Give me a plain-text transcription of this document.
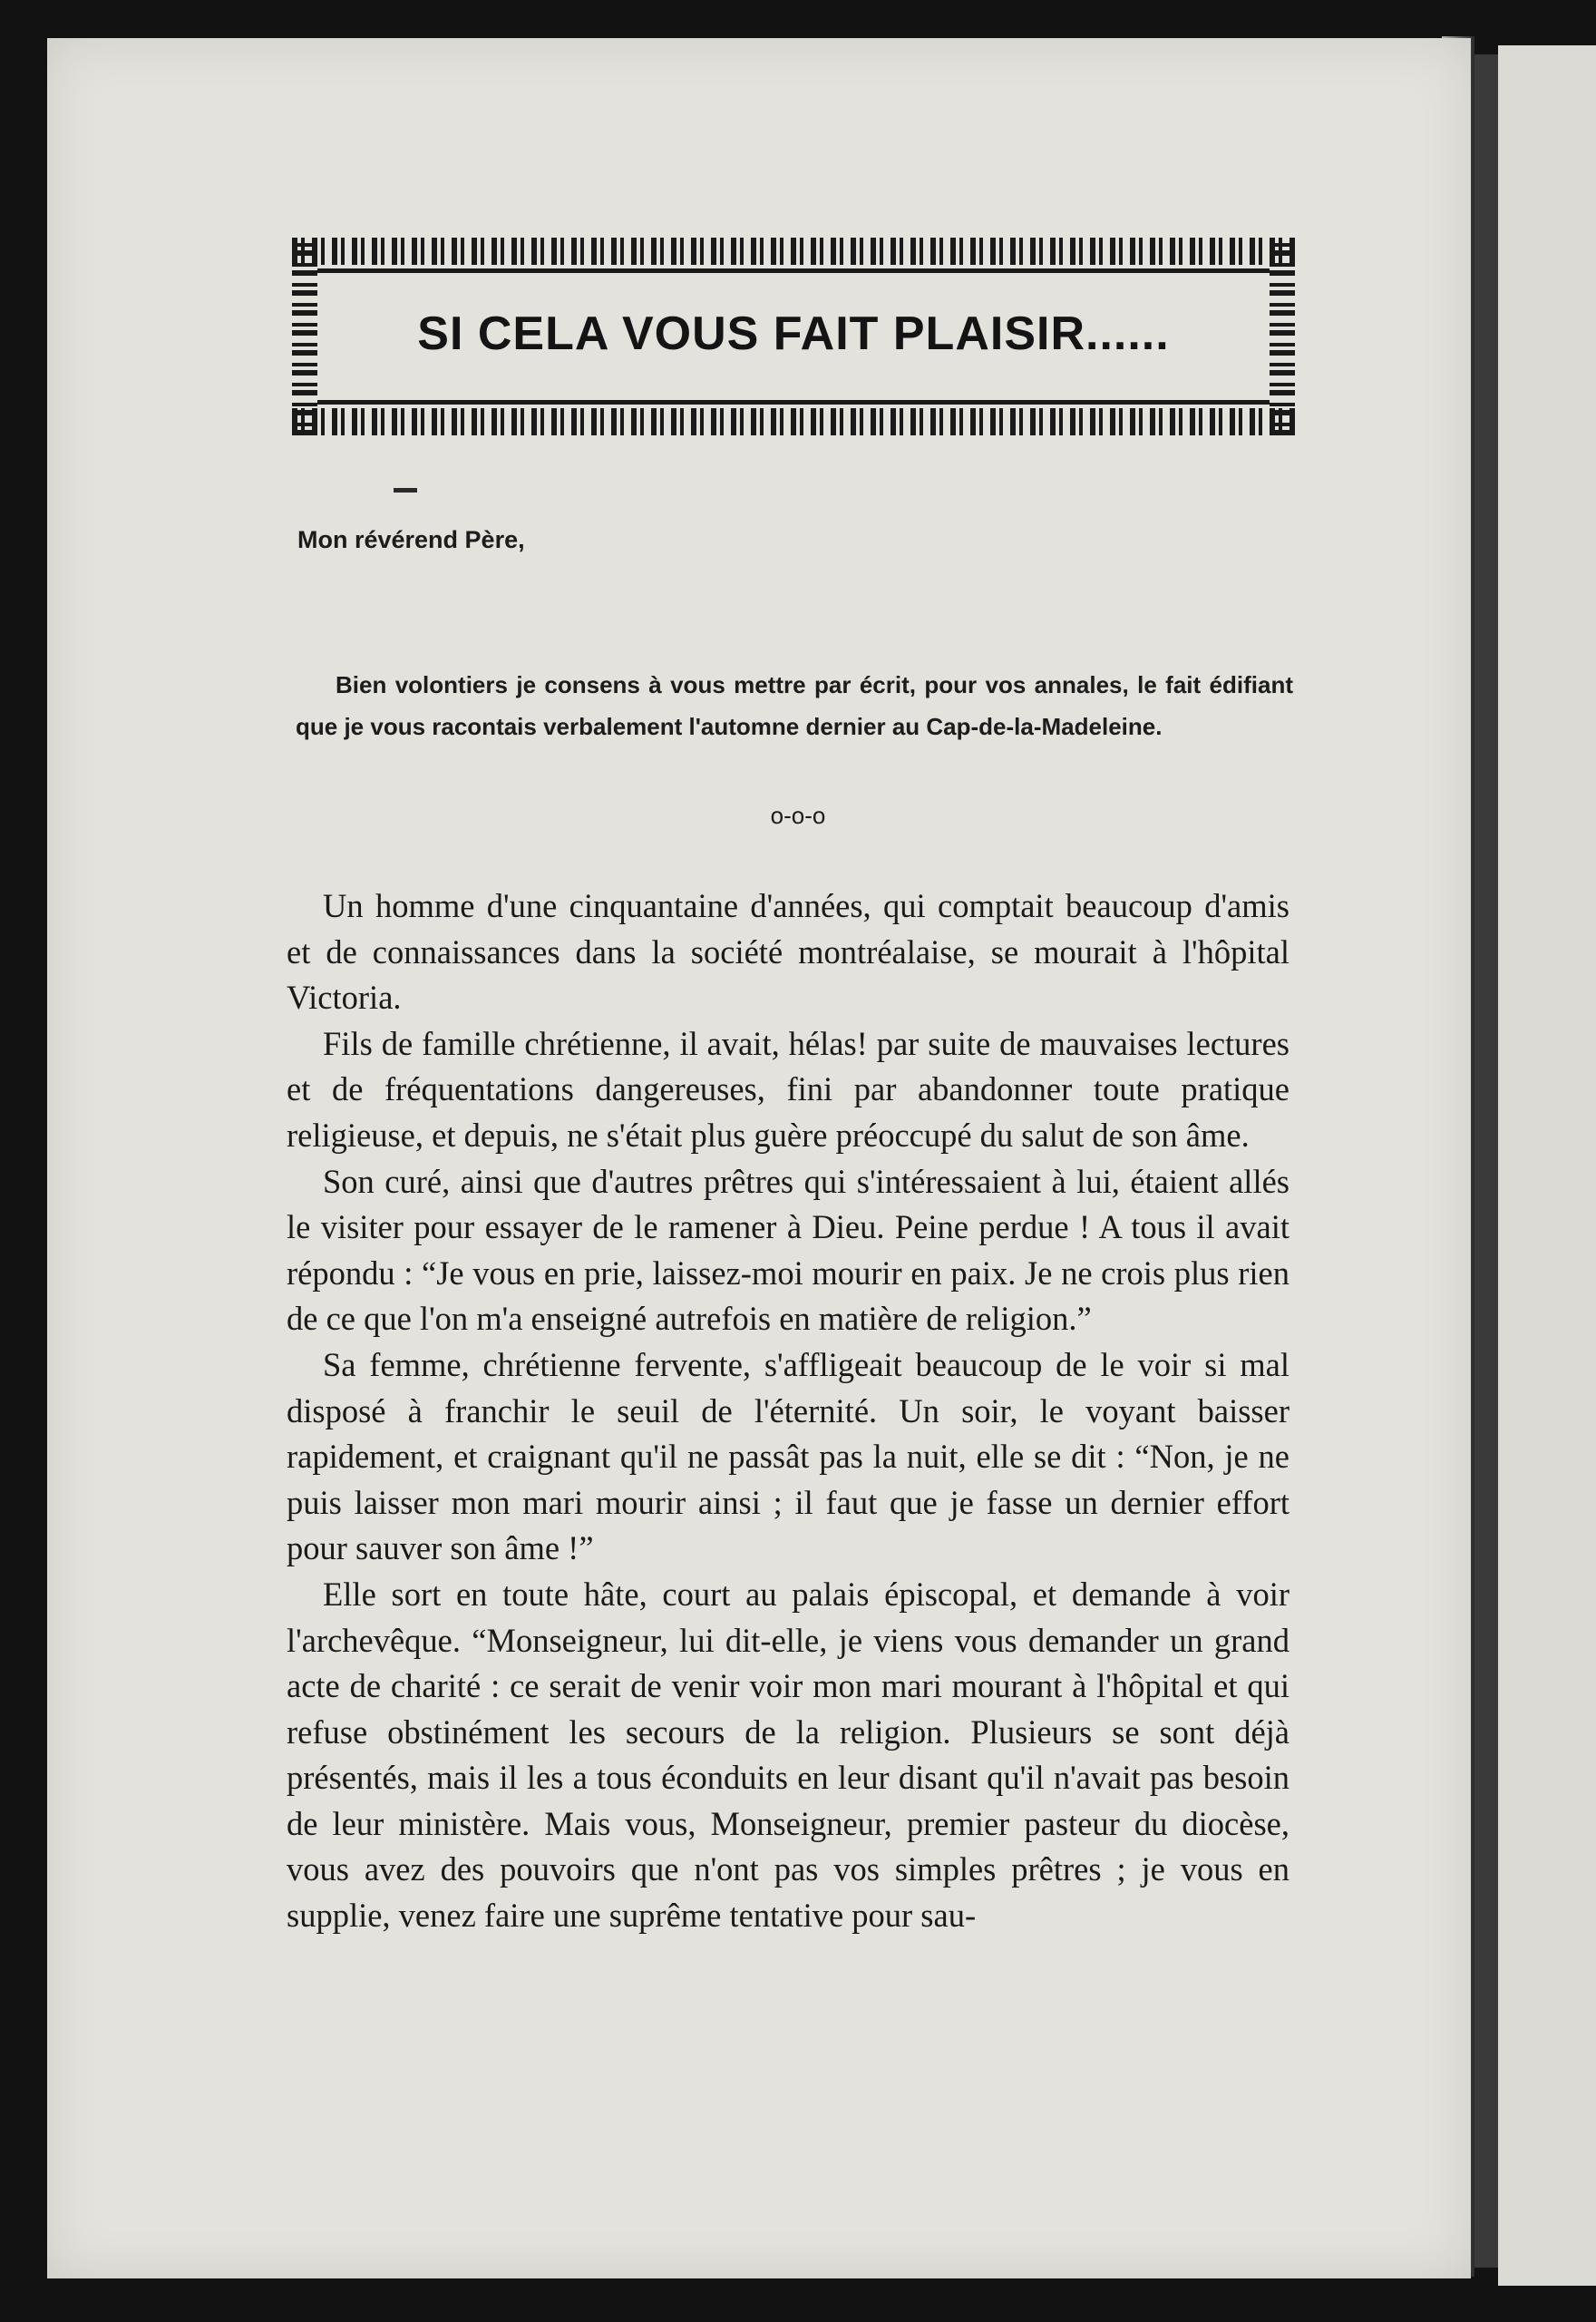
SI CELA VOUS FAIT PLAISIR......
Mon révérend Père,
Bien volontiers je consens à vous mettre par écrit, pour vos annales, le fait édifiant que je vous racontais verbalement l'automne dernier au Cap-de-la-Madeleine.
o-o-o

Un homme d'une cinquantaine d'années, qui comptait beaucoup d'amis et de connaissances dans la société montréalaise, se mourait à l'hôpital Victoria.

Fils de famille chrétienne, il avait, hélas! par suite de mauvaises lectures et de fréquentations dangereuses, fini par abandonner toute pratique religieuse, et depuis, ne s'était plus guère préoccupé du salut de son âme.

Son curé, ainsi que d'autres prêtres qui s'intéressaient à lui, étaient allés le visiter pour essayer de le ramener à Dieu. Peine perdue ! A tous il avait répondu : “Je vous en prie, laissez-moi mourir en paix. Je ne crois plus rien de ce que l'on m'a enseigné autrefois en matière de religion.”

Sa femme, chrétienne fervente, s'affligeait beaucoup de le voir si mal disposé à franchir le seuil de l'éternité. Un soir, le voyant baisser rapidement, et craignant qu'il ne passât pas la nuit, elle se dit : “Non, je ne puis laisser mon mari mourir ainsi ; il faut que je fasse un dernier effort pour sauver son âme !”

Elle sort en toute hâte, court au palais épiscopal, et demande à voir l'archevêque. “Monseigneur, lui dit-elle, je viens vous demander un grand acte de charité : ce serait de venir voir mon mari mourant à l'hôpital et qui refuse obstinément les secours de la religion. Plusieurs se sont déjà présentés, mais il les a tous éconduits en leur disant qu'il n'avait pas besoin de leur ministère. Mais vous, Monseigneur, premier pasteur du diocèse, vous avez des pouvoirs que n'ont pas vos simples prêtres ; je vous en supplie, venez faire une suprême tentative pour sau-
